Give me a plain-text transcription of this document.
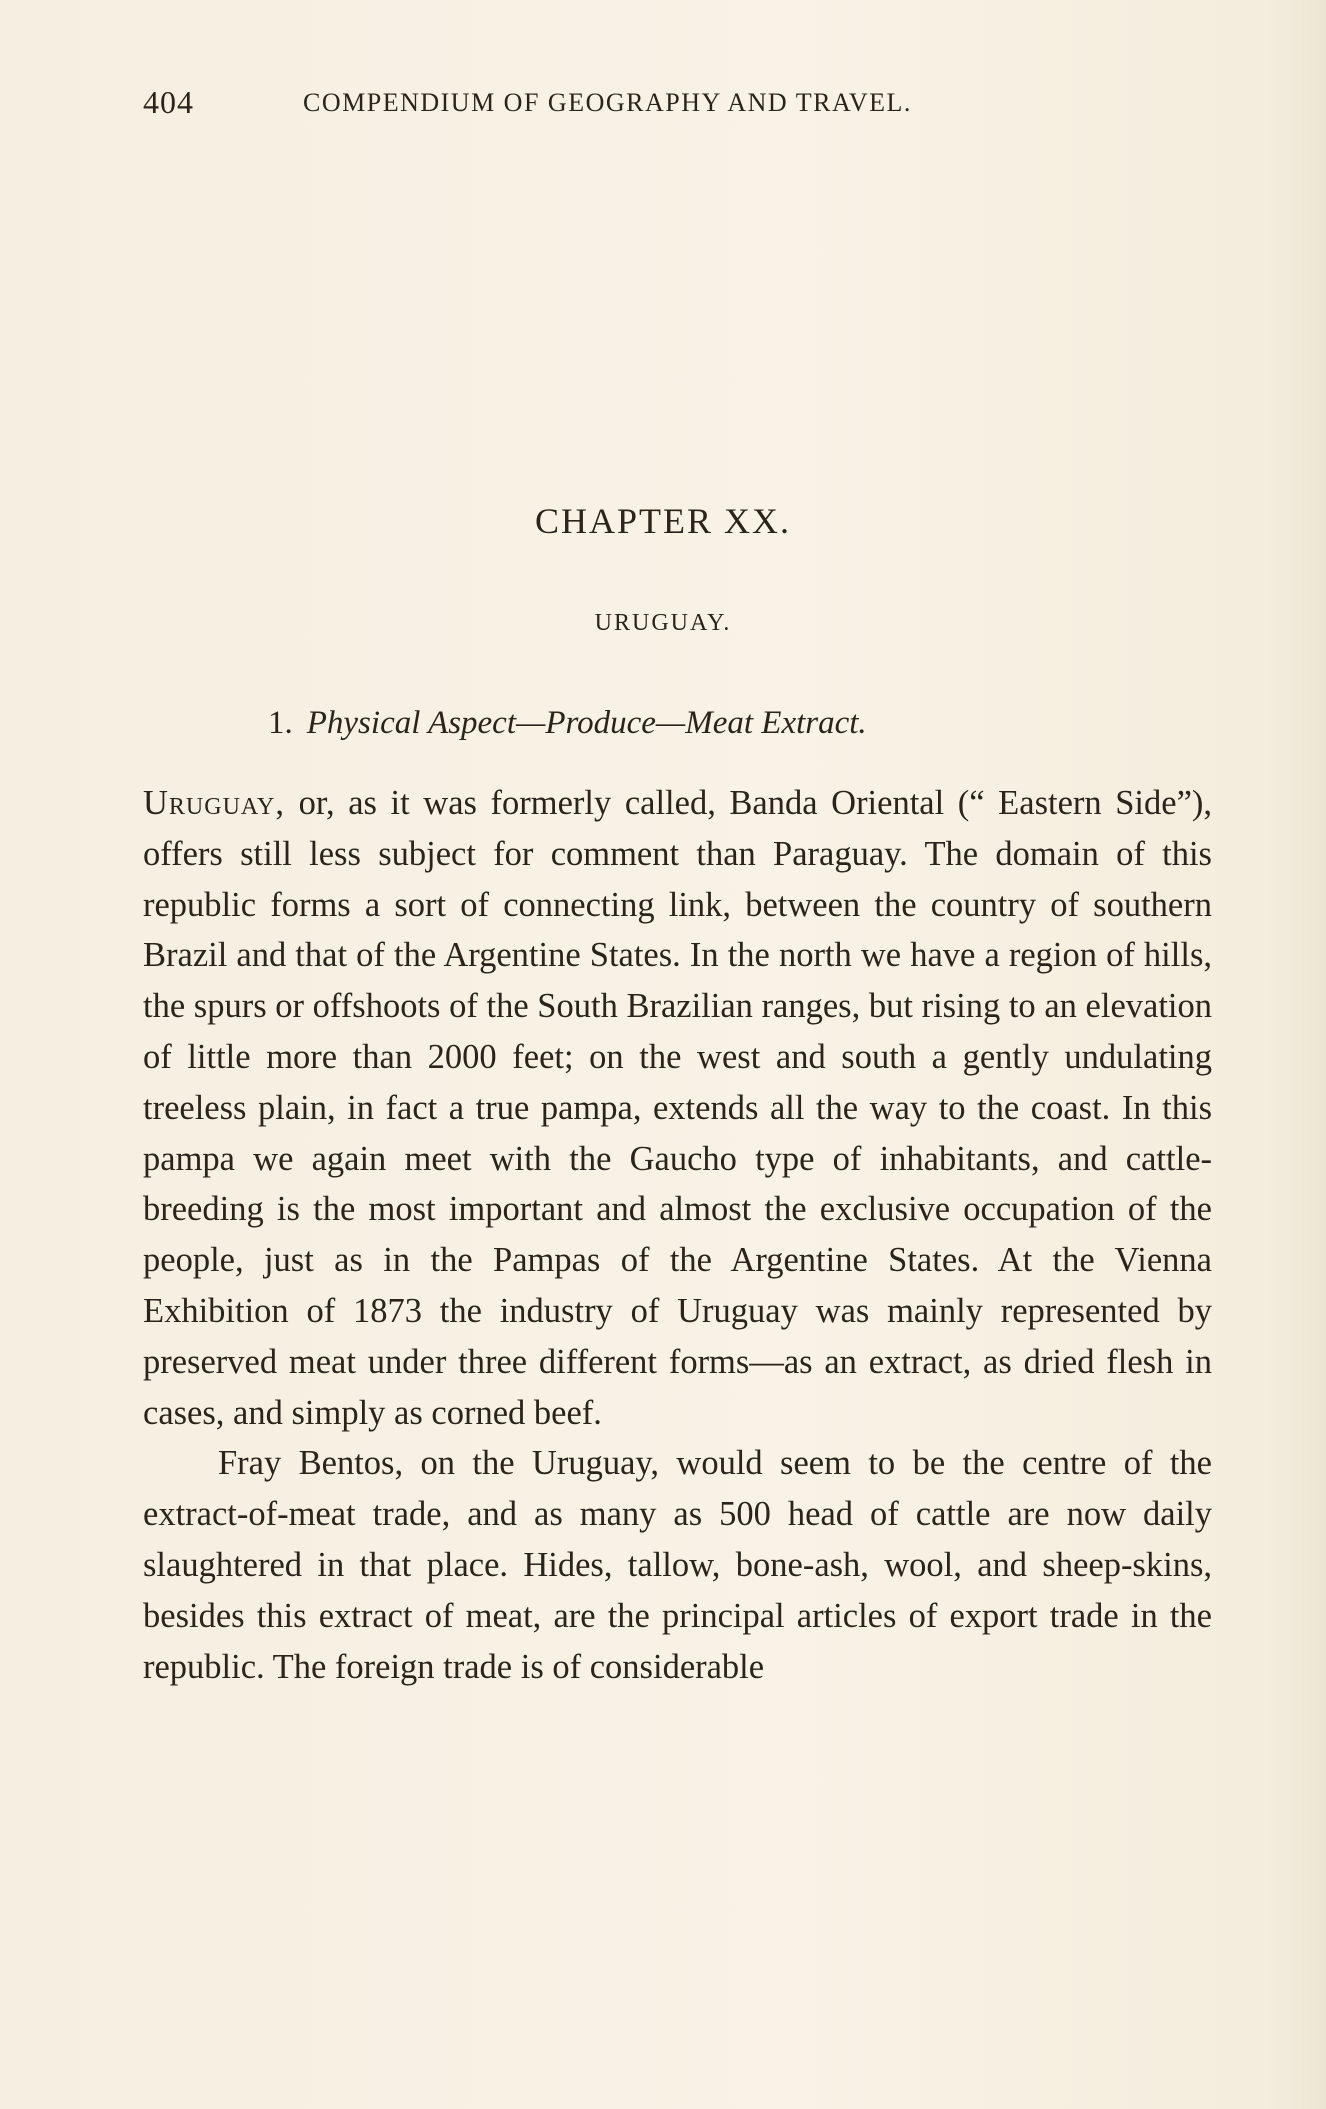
404	COMPENDIUM OF GEOGRAPHY AND TRAVEL.
CHAPTER XX.
URUGUAY.
1. Physical Aspect—Produce—Meat Extract.

Uruguay, or, as it was formerly called, Banda Oriental (“ Eastern Side”), offers still less subject for comment than Paraguay. The domain of this republic forms a sort of connecting link, between the country of southern Brazil and that of the Argentine States. In the north we have a region of hills, the spurs or offshoots of the South Brazilian ranges, but rising to an elevation of little more than 2000 feet; on the west and south a gently undulating treeless plain, in fact a true pampa, extends all the way to the coast. In this pampa we again meet with the Gaucho type of inhabitants, and cattle-breeding is the most important and almost the exclusive occupation of the people, just as in the Pampas of the Argentine States. At the Vienna Exhibition of 1873 the industry of Uruguay was mainly represented by preserved meat under three different forms—as an extract, as dried flesh in cases, and simply as corned beef.

Fray Bentos, on the Uruguay, would seem to be the centre of the extract-of-meat trade, and as many as 500 head of cattle are now daily slaughtered in that place. Hides, tallow, bone-ash, wool, and sheep-skins, besides this extract of meat, are the principal articles of export trade in the republic. The foreign trade is of considerable
